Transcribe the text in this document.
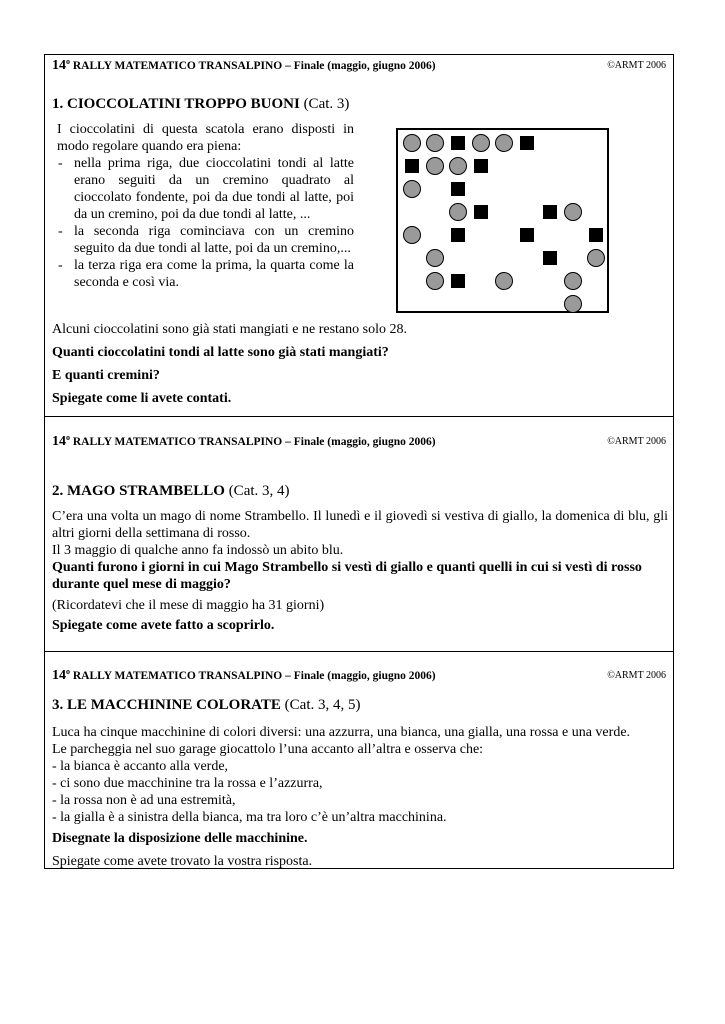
14$^o$ RALLY MATEMATICO TRANSALPINO – Finale (maggio, giugno 2006)	©ARMT 2006
1. CIOCCOLATINI TROPPO BUONI (Cat. 3)
I cioccolatini di questa scatola erano disposti in modo regolare quando era piena:
- nella prima riga, due cioccolatini tondi al latte erano seguiti da un cremino quadrato al cioccolato fondente, poi da due tondi al latte, poi da un cremino, poi da due tondi al latte, ...
- la seconda riga cominciava con un cremino seguito da due tondi al latte, poi da un cremino,...
- la terza riga era come la prima, la quarta come la seconda e così via.
Alcuni cioccolatini sono già stati mangiati e ne restano solo 28.
Quanti cioccolatini tondi al latte sono già stati mangiati?
E quanti cremini?
Spiegate come li avete contati.
14$^o$ RALLY MATEMATICO TRANSALPINO – Finale (maggio, giugno 2006)	©ARMT 2006
2. MAGO STRAMBELLO (Cat. 3, 4)
C’era una volta un mago di nome Strambello. Il lunedì e il giovedì si vestiva di giallo, la domenica di blu, gli altri giorni della settimana di rosso.
Il 3 maggio di qualche anno fa indossò un abito blu.
Quanti furono i giorni in cui Mago Strambello si vestì di giallo e quanti quelli in cui si vestì di rosso durante quel mese di maggio?
(Ricordatevi che il mese di maggio ha 31 giorni)
Spiegate come avete fatto a scoprirlo.
14$^o$ RALLY MATEMATICO TRANSALPINO – Finale (maggio, giugno 2006)	©ARMT 2006
3. LE MACCHININE COLORATE (Cat. 3, 4, 5)
Luca ha cinque macchinine di colori diversi: una azzurra, una bianca, una gialla, una rossa e una verde.
Le parcheggia nel suo garage giocattolo l’una accanto all’altra e osserva che:
- la bianca è accanto alla verde,
- ci sono due macchinine tra la rossa e l’azzurra,
- la rossa non è ad una estremità,
- la gialla è a sinistra della bianca, ma tra loro c’è un’altra macchinina.
Disegnate la disposizione delle macchinine.
Spiegate come avete trovato la vostra risposta.
